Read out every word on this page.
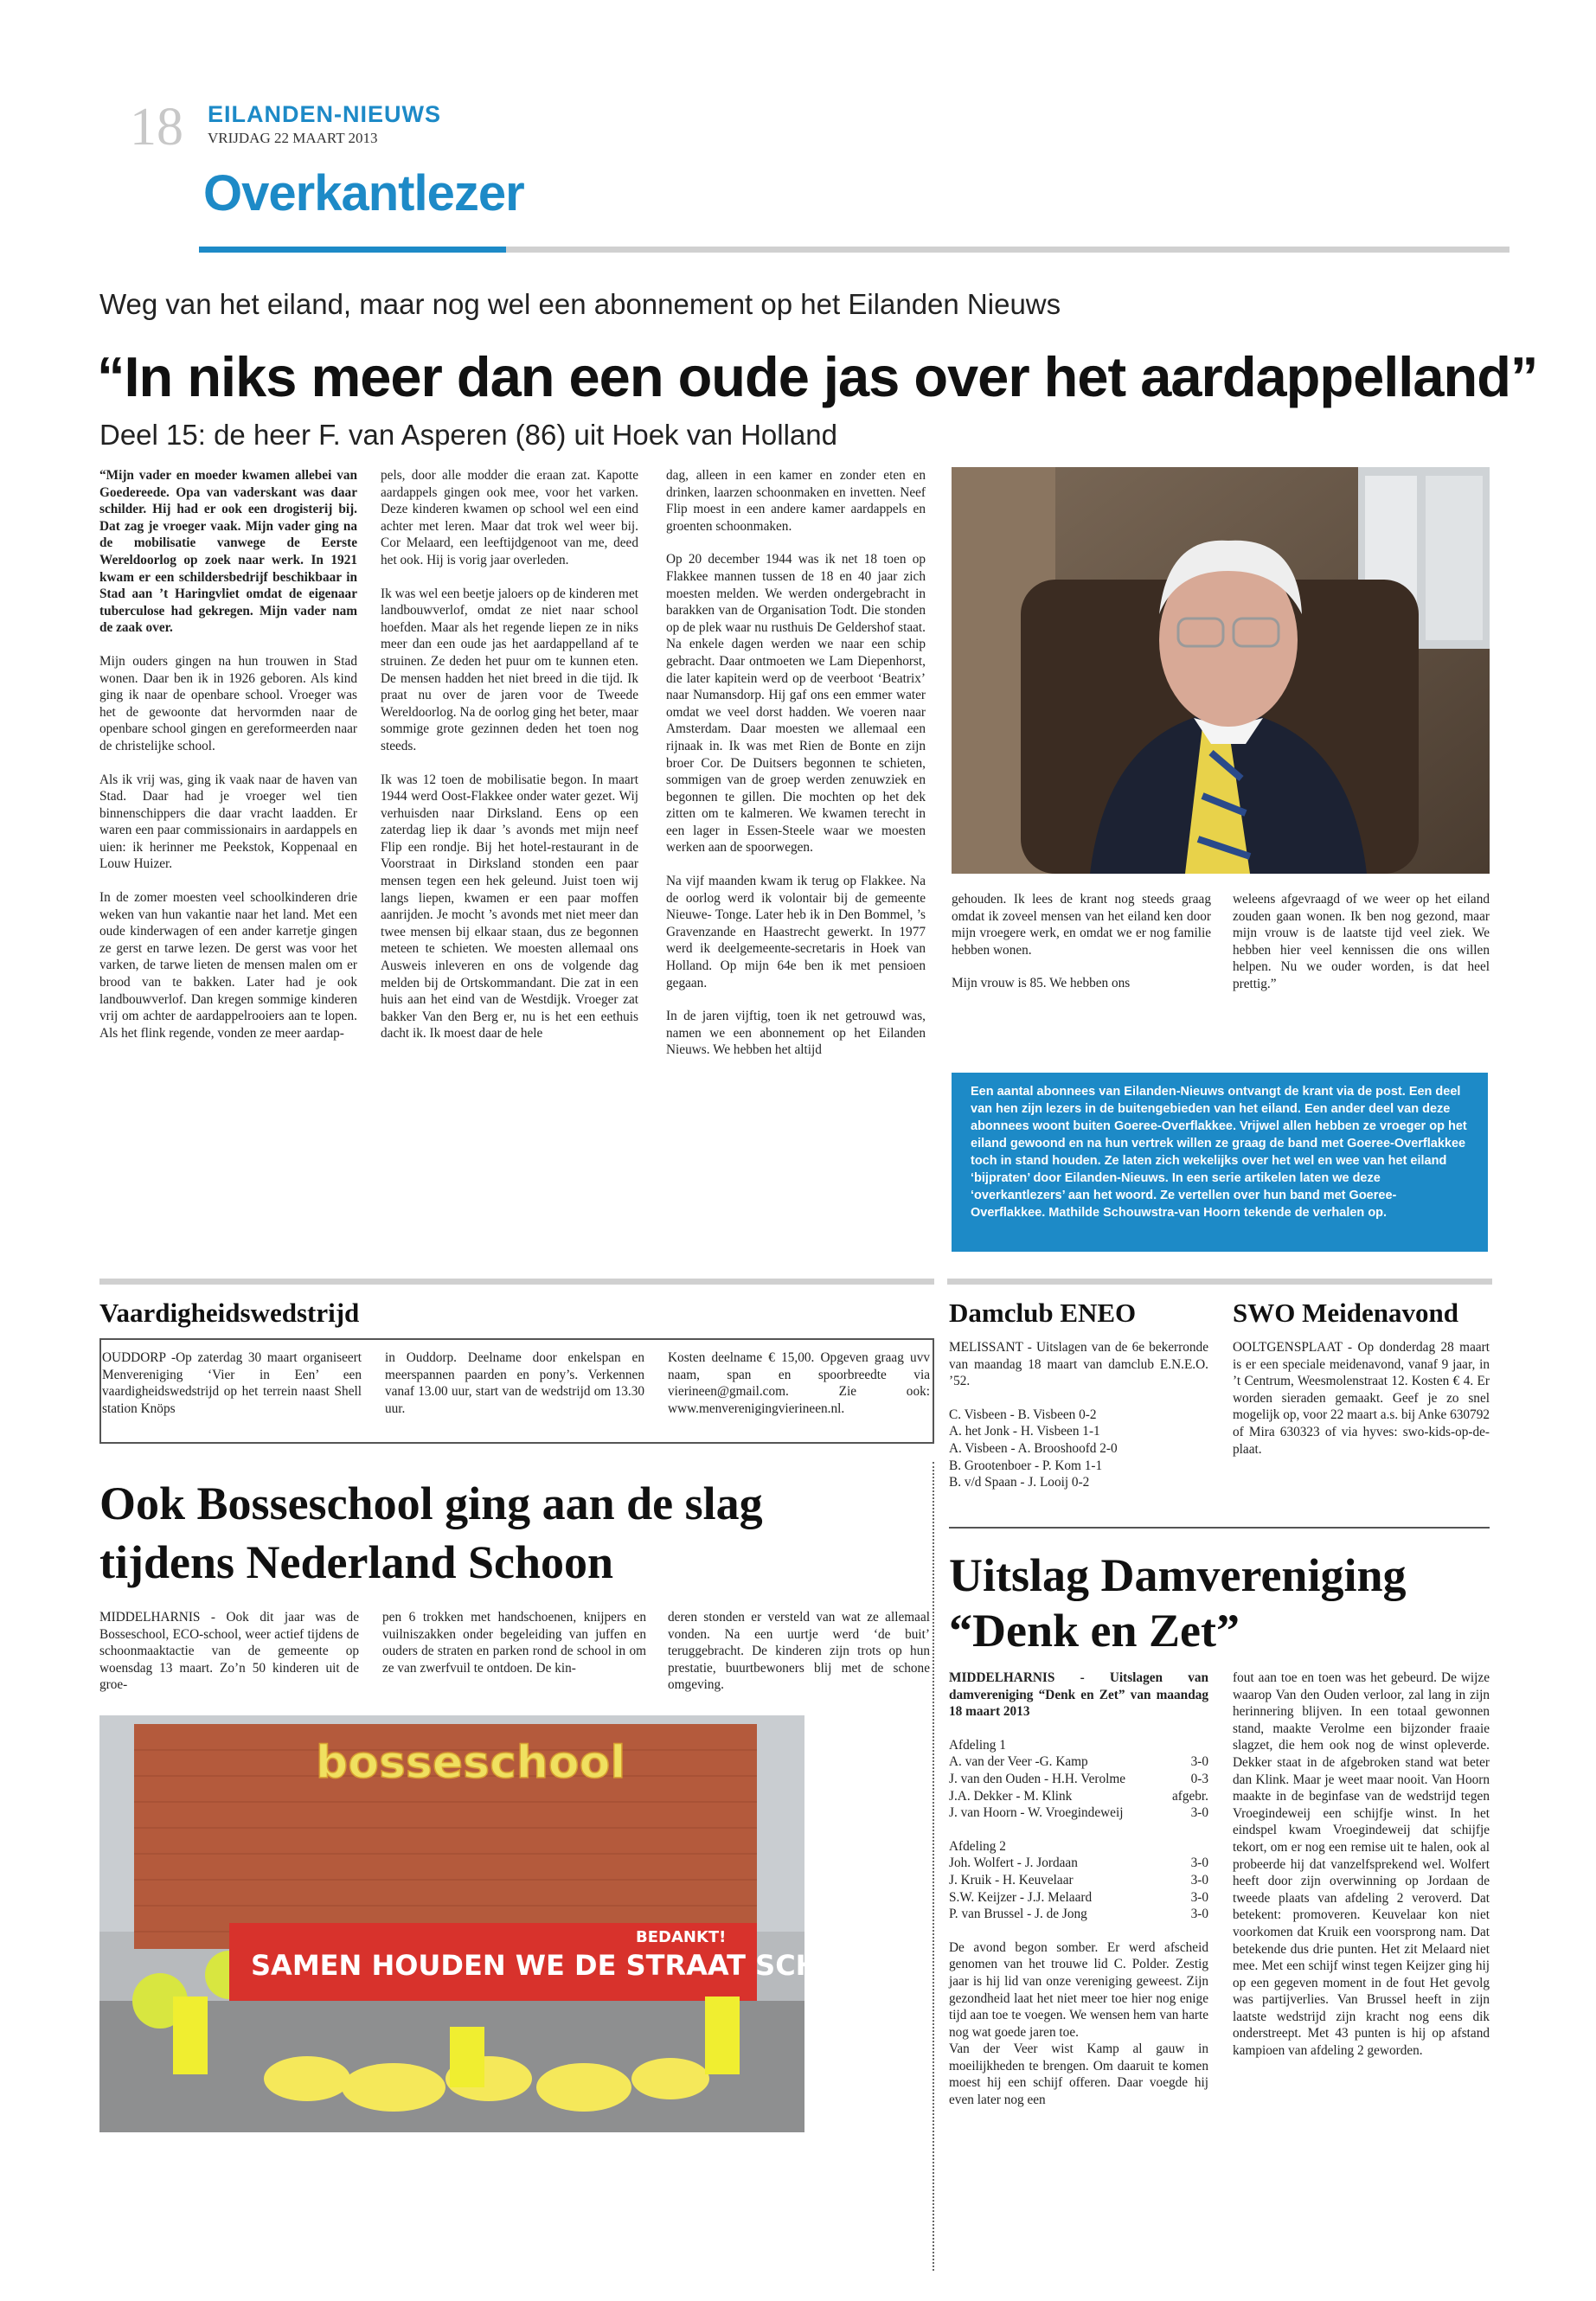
18 EILANDEN-NIEUWS
VRIJDAG 22 MAART 2013
Overkantlezer
Weg van het eiland, maar nog wel een abonnement op het Eilanden Nieuws
“In niks meer dan een oude jas over het aardappelland”
Deel 15: de heer F. van Asperen (86) uit Hoek van Holland

“Mijn vader en moeder kwamen allebei van Goedereede. Opa van vaderskant was daar schilder. Hij had er ook een drogisterij bij. Dat zag je vroeger vaak. Mijn vader ging na de mobilisatie vanwege de Eerste Wereldoorlog op zoek naar werk. In 1921 kwam er een schildersbedrijf beschikbaar in Stad aan ’t Haringvliet omdat de eigenaar tuberculose had gekregen. Mijn vader nam de zaak over.

Mijn ouders gingen na hun trouwen in Stad wonen. Daar ben ik in 1926 geboren. Als kind ging ik naar de openbare school. Vroeger was het de gewoonte dat hervormden naar de openbare school gingen en gereformeerden naar de christelijke school.

Als ik vrij was, ging ik vaak naar de haven van Stad. Daar had je vroeger wel tien binnenschippers die daar vracht laadden. Er waren een paar commissionairs in aardappels en uien: ik herinner me Peekstok, Koppenaal en Louw Huizer.

In de zomer moesten veel schoolkinderen drie weken van hun vakantie naar het land. Met een oude kinderwagen of een ander karretje gingen ze gerst en tarwe lezen. De gerst was voor het varken, de tarwe lieten de mensen malen om er brood van te bakken. Later had je ook landbouwverlof. Dan kregen sommige kinderen vrij om achter de aardappelrooiers aan te lopen. Als het flink regende, vonden ze meer aardap-

pels, door alle modder die eraan zat. Kapotte aardappels gingen ook mee, voor het varken. Deze kinderen kwamen op school wel een eind achter met leren. Maar dat trok wel weer bij. Cor Melaard, een leeftijdgenoot van me, deed het ook. Hij is vorig jaar overleden.

Ik was wel een beetje jaloers op de kinderen met landbouwverlof, omdat ze niet naar school hoefden. Maar als het regende liepen ze in niks meer dan een oude jas het aardappelland af te struinen. Ze deden het puur om te kunnen eten. De mensen hadden het niet breed in die tijd. Ik praat nu over de jaren voor de Tweede Wereldoorlog. Na de oorlog ging het beter, maar sommige grote gezinnen deden het toen nog steeds.

Ik was 12 toen de mobilisatie begon. In maart 1944 werd Oost-Flakkee onder water gezet. Wij verhuisden naar Dirksland. Eens op een zaterdag liep ik daar ’s avonds met mijn neef Flip een rondje. Bij het hotel-restaurant in de Voorstraat in Dirksland stonden een paar mensen tegen een hek geleund. Juist toen wij langs liepen, kwamen er een paar moffen aanrijden. Je mocht ’s avonds met niet meer dan twee mensen bij elkaar staan, dus ze begonnen meteen te schieten. We moesten allemaal ons Ausweis inleveren en ons de volgende dag melden bij de Ortskommandant. Die zat in een huis aan het eind van de Westdijk. Vroeger zat bakker Van den Berg er, nu is het een eethuis dacht ik. Ik moest daar de hele

dag, alleen in een kamer en zonder eten en drinken, laarzen schoonmaken en invetten. Neef Flip moest in een andere kamer aardappels en groenten schoonmaken.

Op 20 december 1944 was ik net 18 toen op Flakkee mannen tussen de 18 en 40 jaar zich moesten melden. We werden ondergebracht in barakken van de Organisation Todt. Die stonden op de plek waar nu rusthuis De Geldershof staat. Na enkele dagen werden we naar een schip gebracht. Daar ontmoeten we Lam Diepenhorst, die later kapitein werd op de veerboot ‘Beatrix’ naar Numansdorp. Hij gaf ons een emmer water omdat we veel dorst hadden. We voeren naar Amsterdam. Daar moesten we allemaal een rijnaak in. Ik was met Rien de Bonte en zijn broer Cor. De Duitsers begonnen te schieten, sommigen van de groep werden zenuwziek en begonnen te gillen. Die mochten op het dek zitten om te kalmeren. We kwamen terecht in een lager in Essen-Steele waar we moesten werken aan de spoorwegen.

Na vijf maanden kwam ik terug op Flakkee. Na de oorlog werd ik volontair bij de gemeente Nieuwe- Tonge. Later heb ik in Den Bommel, ’s Gravenzande en Haastrecht gewerkt. In 1977 werd ik deelgemeente-secretaris in Hoek van Holland. Op mijn 64e ben ik met pensioen gegaan.

In de jaren vijftig, toen ik net getrouwd was, namen we een abonnement op het Eilanden Nieuws. We hebben het altijd

gehouden. Ik lees de krant nog steeds graag omdat ik zoveel mensen van het eiland ken door mijn vroegere werk, en omdat we er nog familie hebben wonen.

Mijn vrouw is 85. We hebben ons

weleens afgevraagd of we weer op het eiland zouden gaan wonen. Ik ben nog gezond, maar mijn vrouw is de laatste tijd veel ziek. We hebben hier veel kennissen die ons willen helpen. Nu we ouder worden, is dat heel prettig.”

Een aantal abonnees van Eilanden-Nieuws ontvangt de krant via de post. Een deel van hen zijn lezers in de buitengebieden van het eiland. Een ander deel van deze abonnees woont buiten Goeree-Overflakkee. Vrijwel allen hebben ze vroeger op het eiland gewoond en na hun vertrek willen ze graag de band met Goeree-Overflakkee toch in stand houden. Ze laten zich wekelijks over het wel en wee van het eiland ‘bijpraten’ door Eilanden-Nieuws. In een serie artikelen laten we deze ‘overkantlezers’ aan het woord. Ze vertellen over hun band met Goeree-Overflakkee. Mathilde Schouwstra-van Hoorn tekende de verhalen op.
Vaardigheidswedstrijd
OUDDORP -Op zaterdag 30 maart organiseert Menvereniging ‘Vier in Een’ een vaardigheidswedstrijd op het terrein naast Shell station Knöps
in Ouddorp. Deelname door enkelspan en meerspannen paarden en pony’s. Verkennen vanaf 13.00 uur, start van de wedstrijd om 13.30 uur.
Kosten deelname € 15,00. Opgeven graag uvv naam, span en spoorbreedte via vierineen@gmail.com. Zie ook: www.menverenigingvierineen.nl.
Ook Bosseschool ging aan de slag
tijdens Nederland Schoon
MIDDELHARNIS - Ook dit jaar was de Bosseschool, ECO-school, weer actief tijdens de schoonmaaktactie van de gemeente op woensdag 13 maart. Zo’n 50 kinderen uit de groe-
pen 6 trokken met handschoenen, knijpers en vuilniszakken onder begeleiding van juffen en ouders de straten en parken rond de school in om ze van zwerfvuil te ontdoen. De kin-
deren stonden er versteld van wat ze allemaal vonden. Na een uurtje werd ‘de buit’ teruggebracht. De kinderen zijn trots op hun prestatie, buurtbewoners blij met de schone omgeving.
bosseschool
SAMEN HOUDEN WE DE STRAAT SCHOON
BEDANKT!
Damclub ENEO

MELISSANT - Uitslagen van de 6e bekerronde van maandag 18 maart van damclub E.N.E.O. ’52.

C. Visbeen - B. Visbeen 0-2
A. het Jonk - H. Visbeen 1-1
A. Visbeen - A. Brooshoofd 2-0
B. Grootenboer - P. Kom 1-1
B. v/d Spaan - J. Looij 0-2
SWO Meidenavond
OOLTGENSPLAAT - Op donderdag 28 maart is er een speciale meidenavond, vanaf 9 jaar, in ’t Centrum, Weesmolenstraat 12. Kosten € 4. Er worden sieraden gemaakt. Geef je zo snel mogelijk op, voor 22 maart a.s. bij Anke 630792 of Mira 630323 of via hyves: swo-kids-op-de-plaat.
Uitslag Damvereniging
“Denk en Zet”

MIDDELHARNIS - Uitslagen van damvereniging “Denk en Zet” van maandag 18 maart 2013

Afdeling 1
A. van der Veer -G. Kamp	3-0
J. van den Ouden - H.H. Verolme	0-3
J.A. Dekker - M. Klink	afgebr.
J. van Hoorn - W. Vroegindeweij	3-0
Afdeling 2
Joh. Wolfert - J. Jordaan	3-0
J. Kruik - H. Keuvelaar	3-0
S.W. Keijzer - J.J. Melaard	3-0
P. van Brussel - J. de Jong	3-0

De avond begon somber. Er werd afscheid genomen van het trouwe lid C. Polder. Zestig jaar is hij lid van onze vereniging geweest. Zijn gezondheid laat het niet meer toe hier nog enige tijd aan toe te voegen. We wensen hem van harte nog wat goede jaren toe.

Van der Veer wist Kamp al gauw in moeilijkheden te brengen. Om daaruit te komen moest hij een schijf offeren. Daar voegde hij even later nog een

fout aan toe en toen was het gebeurd. De wijze waarop Van den Ouden verloor, zal lang in zijn herinnering blijven. In een totaal gewonnen stand, maakte Verolme een bijzonder fraaie slagzet, die hem ook nog de winst opleverde. Dekker staat in de afgebroken stand wat beter dan Klink. Maar je weet maar nooit. Van Hoorn maakte in de beginfase van de wedstrijd tegen Vroegindeweij een schijfje winst. In het eindspel kwam Vroegindeweij dat schijfje tekort, om er nog een remise uit te halen, ook al probeerde hij dat vanzelfsprekend wel. Wolfert heeft door zijn overwinning op Jordaan de tweede plaats van afdeling 2 veroverd. Dat betekent: promoveren. Keuvelaar kon niet voorkomen dat Kruik een voorsprong nam. Dat betekende dus drie punten. Het zit Melaard niet mee. Met een schijf winst tegen Keijzer ging hij op een gegeven moment in de fout Het gevolg was partijverlies. Van Brussel heeft in zijn laatste wedstrijd zijn kracht nog eens dik onderstreept. Met 43 punten is hij op afstand kampioen van afdeling 2 geworden.
